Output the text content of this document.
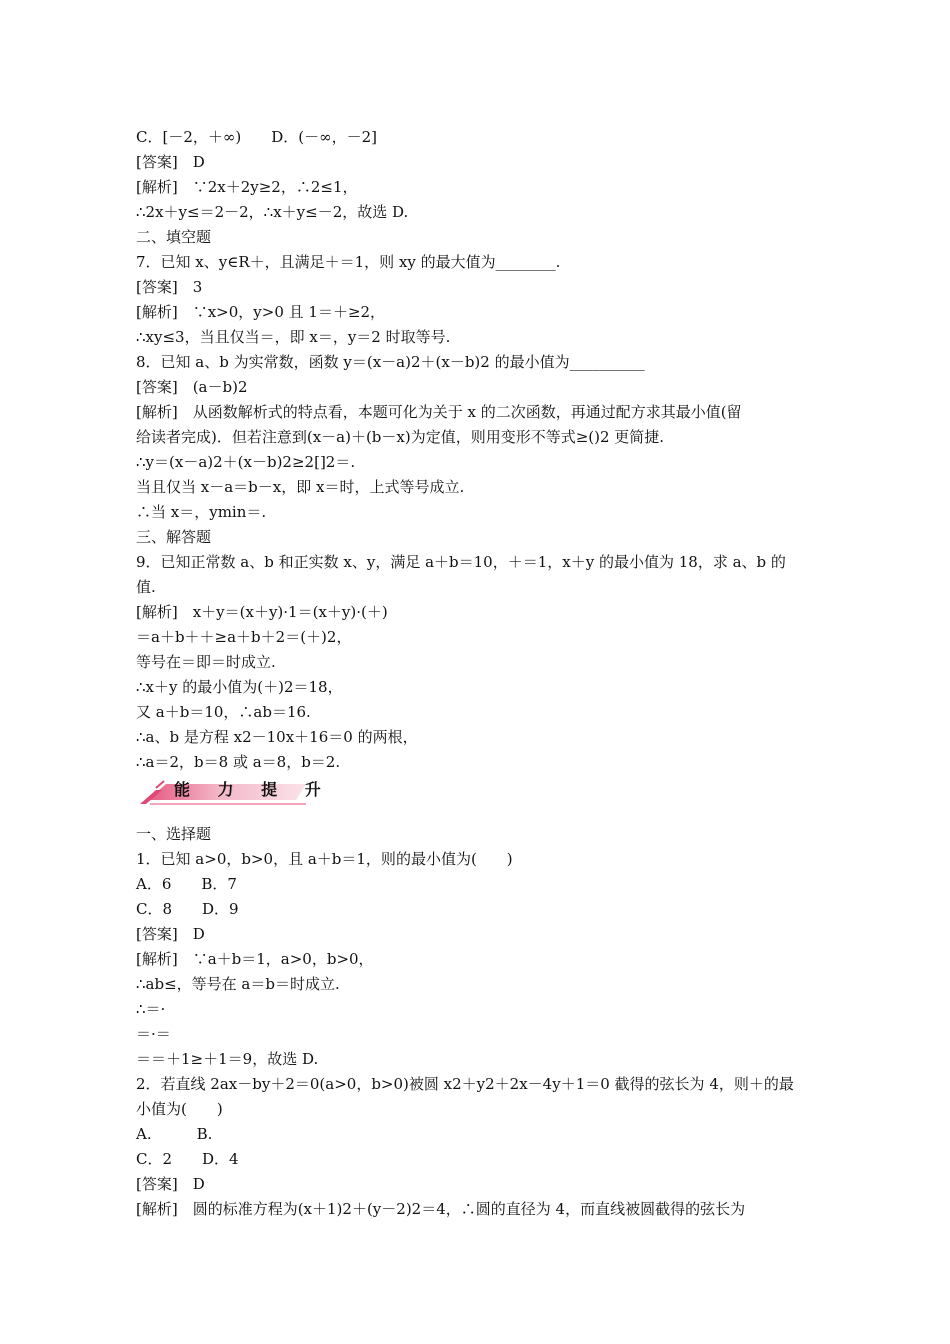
C．[－2，＋∞)　　D．(－∞，－2]
[答案]　D
[解析]　∵2x＋2y≥2，∴2≤1，
∴2x＋y≤＝2－2，∴x＋y≤－2，故选 D.
二、填空题
7．已知 x、y∈R＋，且满足＋＝1，则 xy 的最大值为________.
[答案]　3
[解析]　∵x>0，y>0 且 1＝＋≥2，
∴xy≤3，当且仅当＝，即 x＝，y＝2 时取等号.
8．已知 a、b 为实常数，函数 y＝(x－a)2＋(x－b)2 的最小值为__________
[答案]　(a－b)2
[解析]　从函数解析式的特点看，本题可化为关于 x 的二次函数，再通过配方求其最小值(留
给读者完成)．但若注意到(x－a)＋(b－x)为定值，则用变形不等式≥()2 更简捷.
∴y＝(x－a)2＋(x－b)2≥2[]2＝.
当且仅当 x－a＝b－x，即 x＝时，上式等号成立.
∴当 x＝，ymin＝.
三、解答题
9．已知正常数 a、b 和正实数 x、y，满足 a＋b＝10，＋＝1，x＋y 的最小值为 18，求 a、b 的
值.
[解析]　x＋y＝(x＋y)·1＝(x＋y)·(＋)
＝a＋b＋＋≥a＋b＋2＝(＋)2，
等号在＝即＝时成立.
∴x＋y 的最小值为(＋)2＝18，
又 a＋b＝10，∴ab＝16.
∴a、b 是方程 x2－10x＋16＝0 的两根，
∴a＝2，b＝8 或 a＝8，b＝2.
能 力 提 升
一、选择题
1．已知 a>0，b>0，且 a＋b＝1，则的最小值为(　　)
A．6　　B．7
C．8　　D．9
[答案]　D
[解析]　∵a＋b＝1，a>0，b>0，
∴ab≤，等号在 a＝b＝时成立.
∴＝·
＝·＝
＝＝＋1≥＋1＝9，故选 D.
2．若直线 2ax－by＋2＝0(a>0，b>0)被圆 x2＋y2＋2x－4y＋1＝0 截得的弦长为 4，则＋的最
小值为(　　)
A.　　　B.
C．2　　D．4
[答案]　D
[解析]　圆的标准方程为(x＋1)2＋(y－2)2＝4，∴圆的直径为 4，而直线被圆截得的弦长为
